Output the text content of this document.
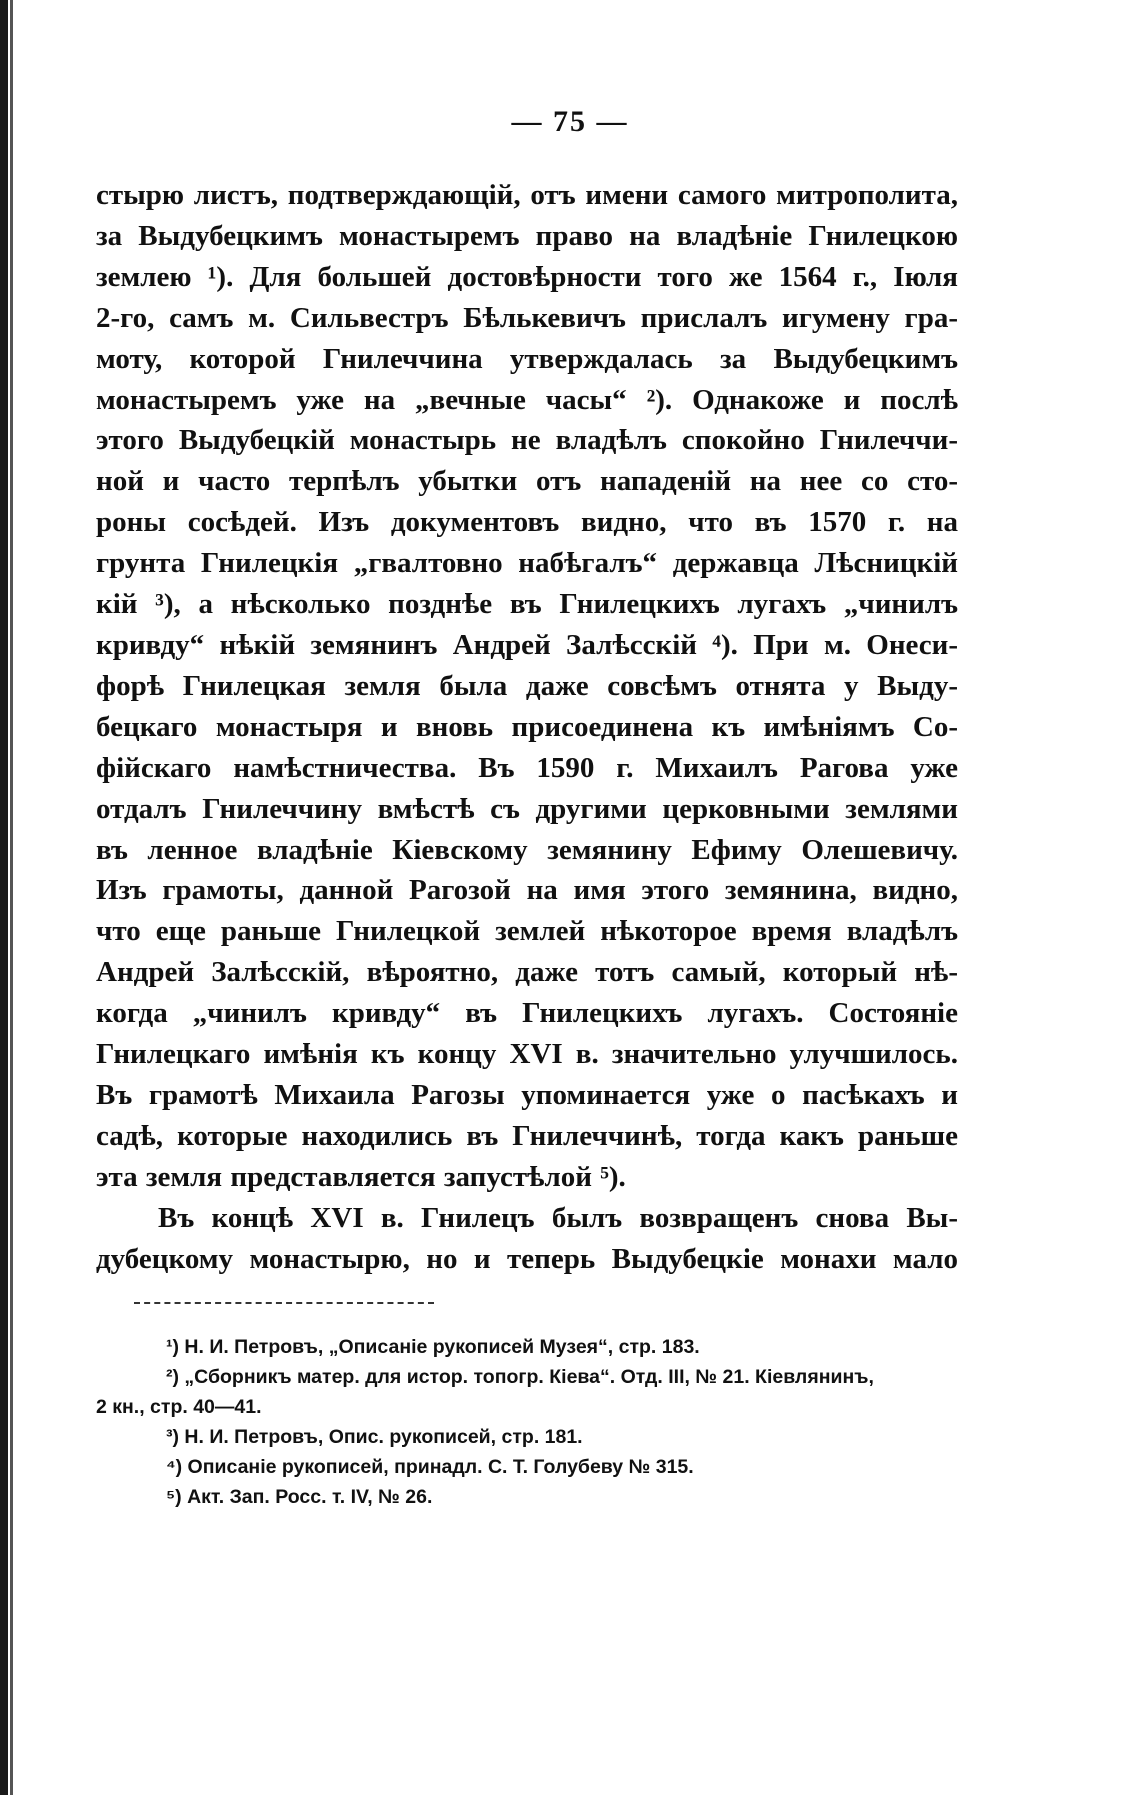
— 75 —
стырю листъ, подтверждающій, отъ имени самого митрополита,
за Выдубецкимъ монастыремъ право на владѣніе Гнилецкою
землею ¹). Для большей достовѣрности того же 1564 г., Іюля
2-го, самъ м. Сильвестръ Бѣлькевичъ прислалъ игумену гра-
моту, которой Гнилеччина утверждалась за Выдубецкимъ
монастыремъ уже на „вечные часы“ ²). Однакоже и послѣ
этого Выдубецкій монастырь не владѣлъ спокойно Гнилеччи-
ной и часто терпѣлъ убытки отъ нападеній на нее со сто-
роны сосѣдей. Изъ документовъ видно, что въ 1570 г. на
грунта Гнилецкія „гвалтовно набѣгалъ“ державца Лѣсницкій
кій ³), а нѣсколько позднѣе въ Гнилецкихъ лугахъ „чинилъ
кривду“ нѣкій земянинъ Андрей Залѣсскій ⁴). При м. Онеси-
форѣ Гнилецкая земля была даже совсѣмъ отнята у Выду-
бецкаго монастыря и вновь присоединена къ имѣніямъ Со-
фійскаго намѣстничества. Въ 1590 г. Михаилъ Рагова уже
отдалъ Гнилеччину вмѣстѣ съ другими церковными землями
въ ленное владѣніе Кіевскому земянину Ефиму Олешевичу.
Изъ грамоты, данной Рагозой на имя этого земянина, видно,
что еще раньше Гнилецкой землей нѣкоторое время владѣлъ
Андрей Залѣсскій, вѣроятно, даже тотъ самый, который нѣ-
когда „чинилъ кривду“ въ Гнилецкихъ лугахъ. Состояніе
Гнилецкаго имѣнія къ концу XVI в. значительно улучшилось.
Въ грамотѣ Михаила Рагозы упоминается уже о пасѣкахъ и
садѣ, которые находились въ Гнилеччинѣ, тогда какъ раньше
эта земля представляется запустѣлой ⁵).
Въ концѣ XVI в. Гнилецъ былъ возвращенъ снова Вы-
дубецкому монастырю, но и теперь Выдубецкіе монахи мало
¹) Н. И. Петровъ, „Описаніе рукописей Музея“, стр. 183.
²) „Сборникъ матер. для истор. топогр. Кіева“. Отд. III, № 21. Кіевлянинъ,
2 кн., стр. 40—41.
³) Н. И. Петровъ, Опис. рукописей, стр. 181.
⁴) Описаніе рукописей, принадл. С. Т. Голубеву № 315.
⁵) Акт. Зап. Росс. т. IV, № 26.
